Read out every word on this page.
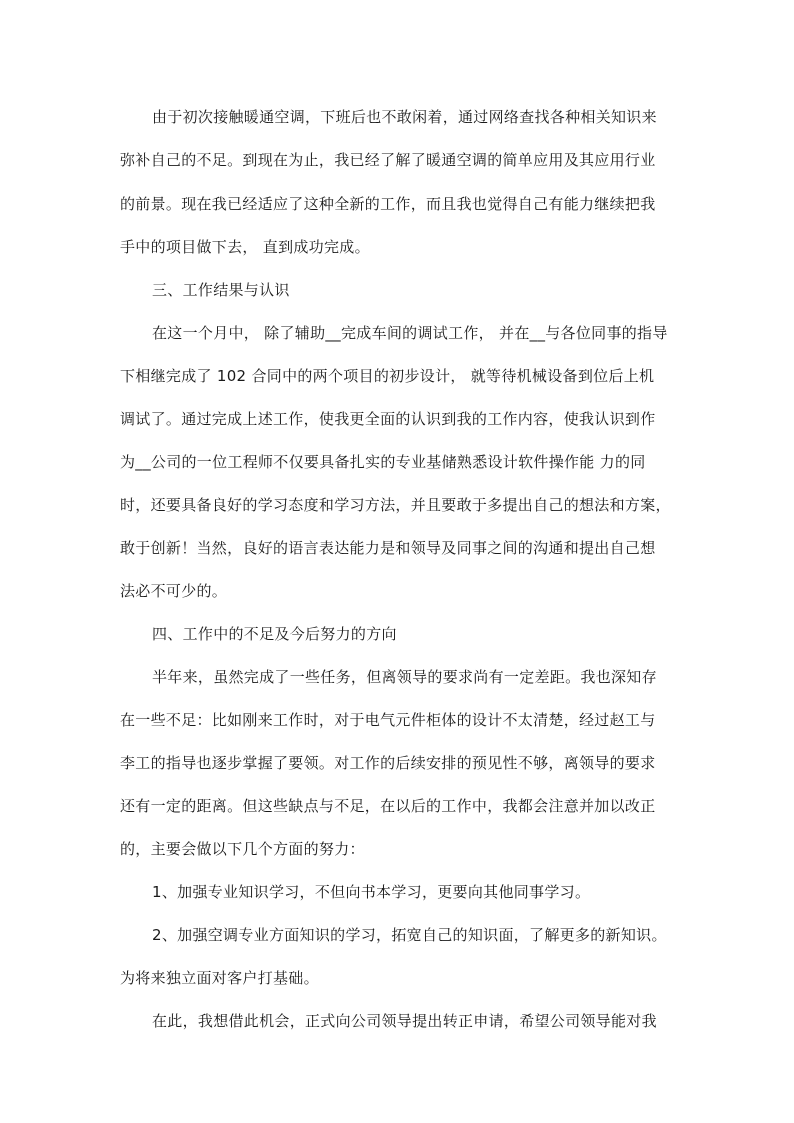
由于初次接触暖通空调，下班后也不敢闲着，通过网络查找各种相关知识来
弥补自己的不足。到现在为止，我已经了解了暖通空调的简单应用及其应用行业
的前景。现在我已经适应了这种全新的工作，而且我也觉得自己有能力继续把我
手中的项目做下去， 直到成功完成。
三、工作结果与认识
在这一个月中， 除了辅助__完成车间的调试工作， 并在__与各位同事的指导
下相继完成了 102 合同中的两个项目的初步设计， 就等待机械设备到位后上机
调试了。通过完成上述工作，使我更全面的认识到我的工作内容，使我认识到作
为__公司的一位工程师不仅要具备扎实的专业基储熟悉设计软件操作能 力的同
时，还要具备良好的学习态度和学习方法，并且要敢于多提出自己的想法和方案，
敢于创新！当然，良好的语言表达能力是和领导及同事之间的沟通和提出自己想
法必不可少的。
四、工作中的不足及今后努力的方向
半年来，虽然完成了一些任务，但离领导的要求尚有一定差距。我也深知存
在一些不足：比如刚来工作时，对于电气元件柜体的设计不太清楚，经过赵工与
李工的指导也逐步掌握了要领。对工作的后续安排的预见性不够，离领导的要求
还有一定的距离。但这些缺点与不足，在以后的工作中，我都会注意并加以改正
的，主要会做以下几个方面的努力：
1、加强专业知识学习，不但向书本学习，更要向其他同事学习。
2、加强空调专业方面知识的学习，拓宽自己的知识面，了解更多的新知识。
为将来独立面对客户打基础。
在此，我想借此机会，正式向公司领导提出转正申请，希望公司领导能对我
